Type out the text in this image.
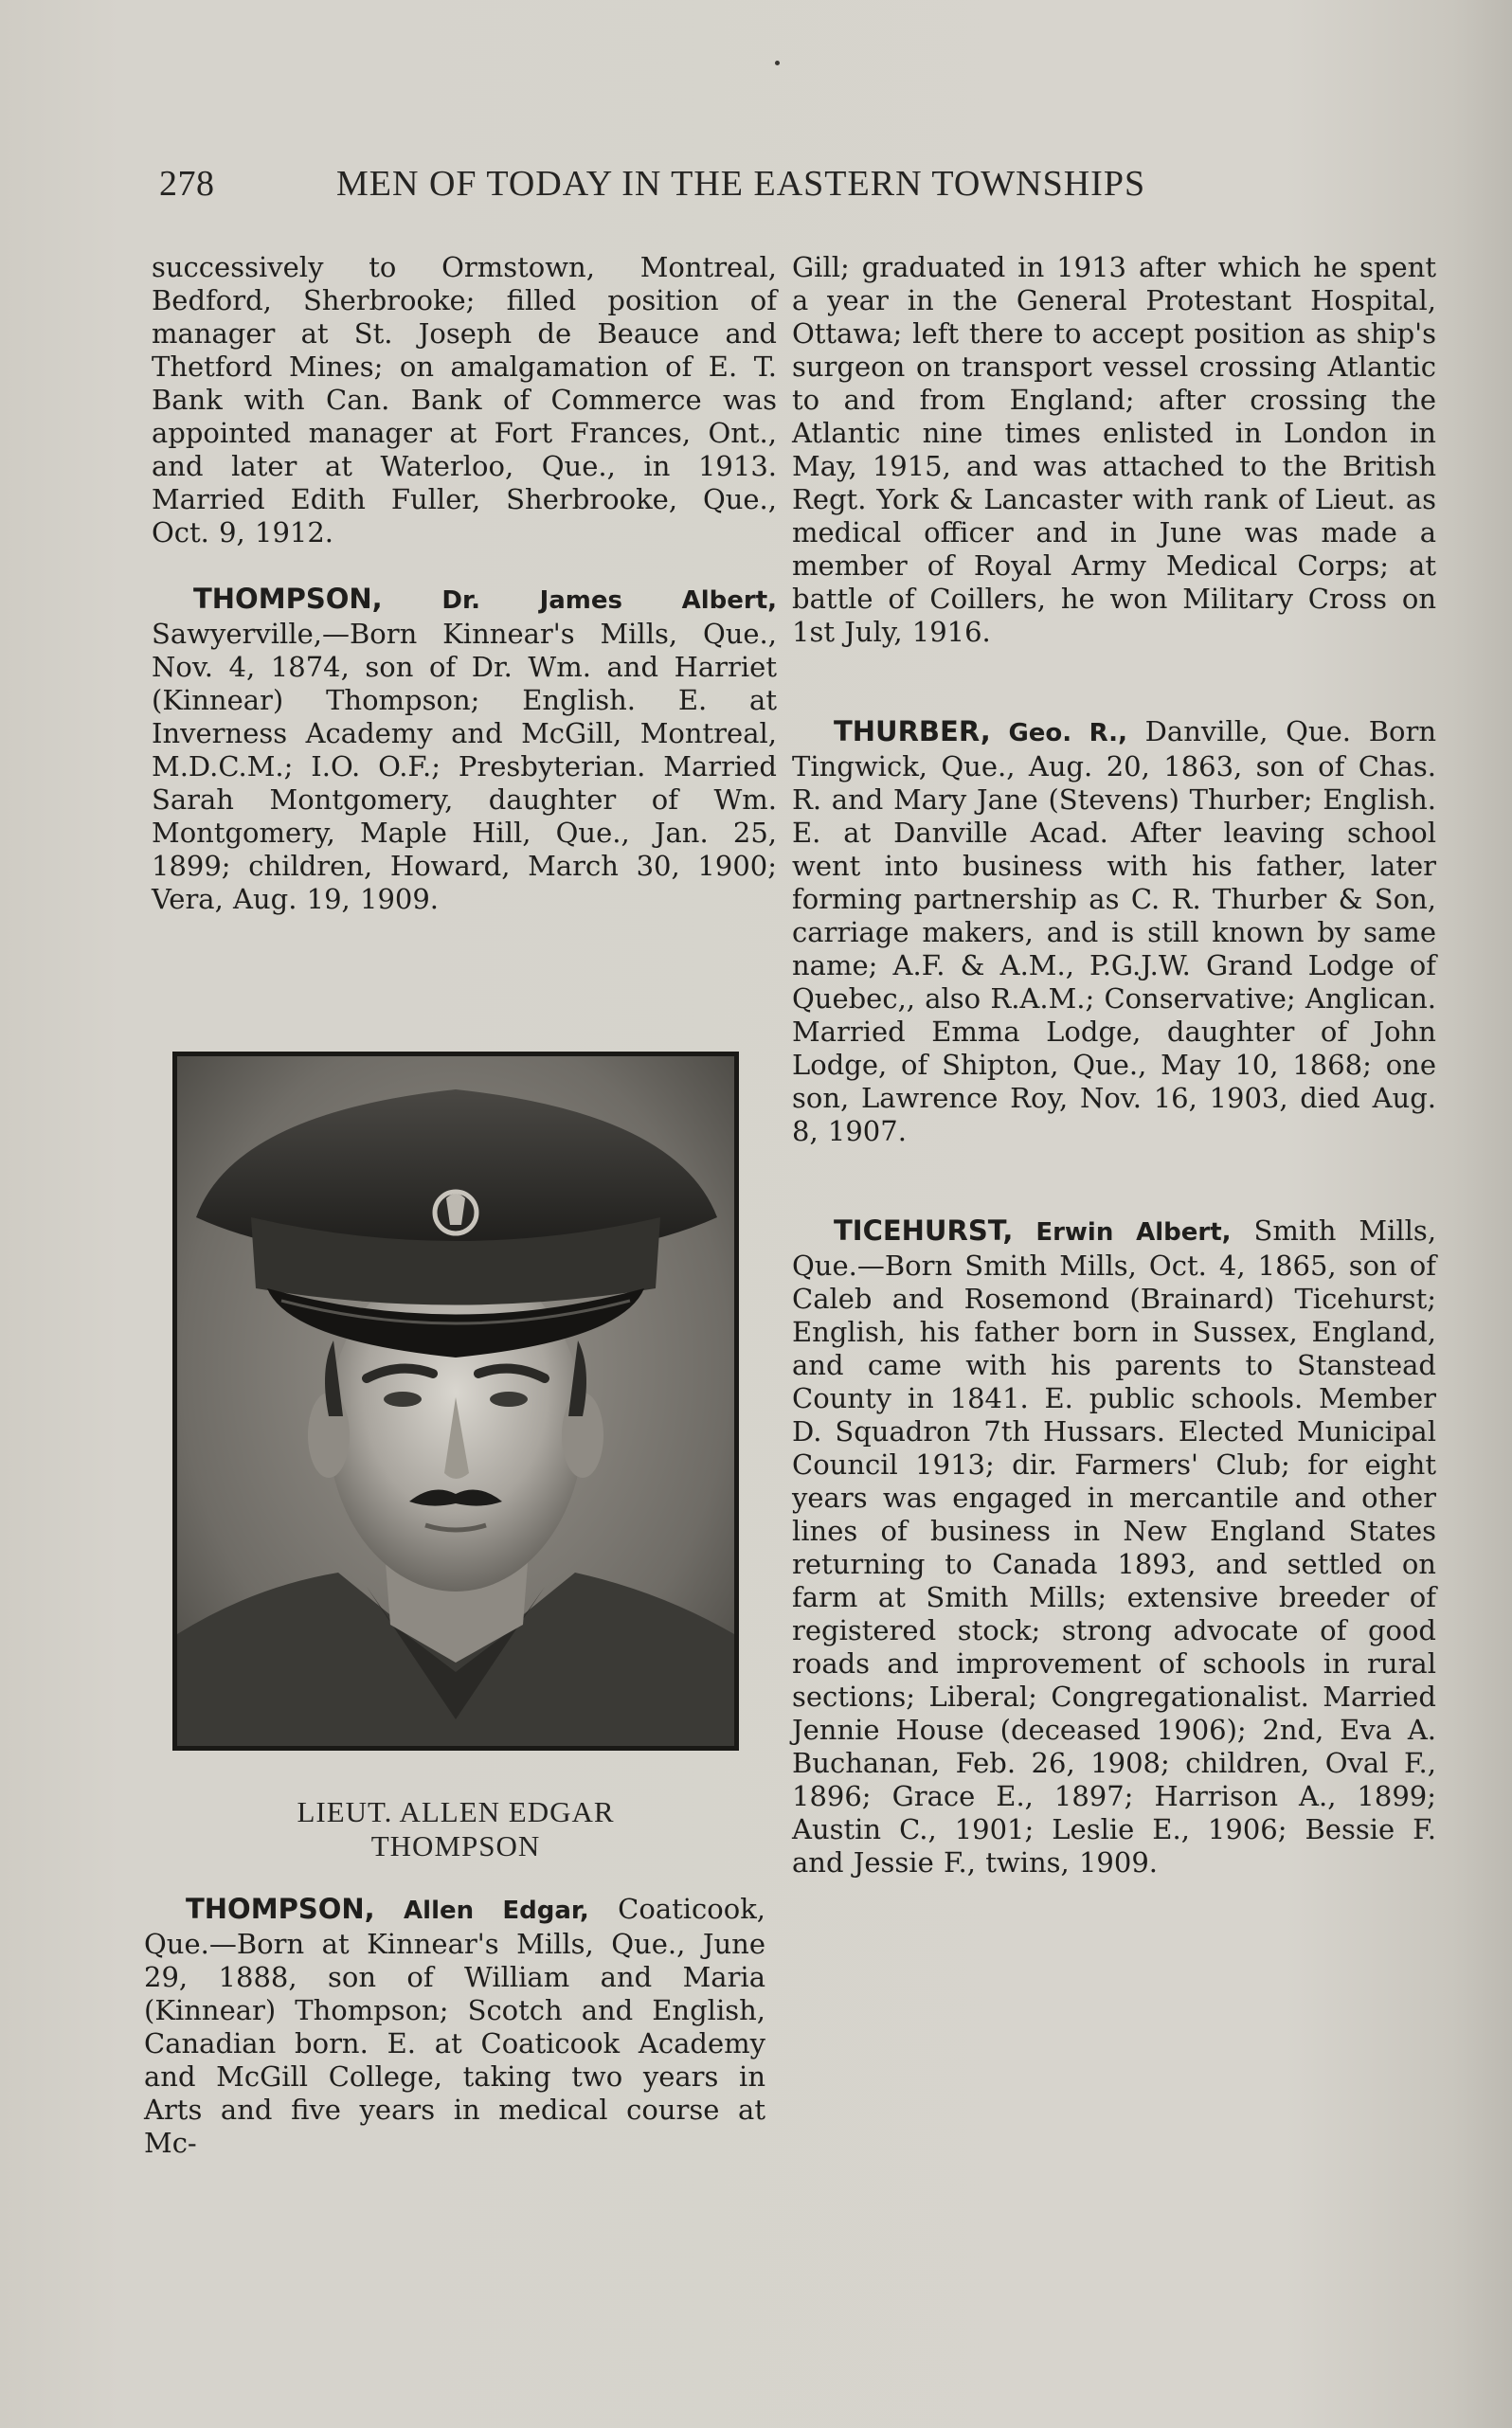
278	MEN OF TODAY IN THE EASTERN TOWNSHIPS

successively to Ormstown, Montreal, Bedford, Sherbrooke; filled position of manager at St. Joseph de Beauce and Thetford Mines; on amalgamation of E. T. Bank with Can. Bank of Commerce was appointed manager at Fort Frances, Ont., and later at Waterloo, Que., in 1913. Married Edith Fuller, Sherbrooke, Que., Oct. 9, 1912.

THOMPSON, Dr. James Albert, Sawyerville,—Born Kinnear's Mills, Que., Nov. 4, 1874, son of Dr. Wm. and Harriet (Kinnear) Thompson; English. E. at Inverness Academy and McGill, Montreal, M.D.C.M.; I.O. O.F.; Presbyterian. Married Sarah Montgomery, daughter of Wm. Montgomery, Maple Hill, Que., Jan. 25, 1899; children, Howard, March 30, 1900; Vera, Aug. 19, 1909.

LIEUT. ALLEN EDGAR
THOMPSON

THOMPSON, Allen Edgar, Coaticook, Que.—Born at Kinnear's Mills, Que., June 29, 1888, son of William and Maria (Kinnear) Thompson; Scotch and English, Canadian born. E. at Coaticook Academy and McGill College, taking two years in Arts and five years in medical course at Mc-

Gill; graduated in 1913 after which he spent a year in the General Protestant Hospital, Ottawa; left there to accept position as ship's surgeon on transport vessel crossing Atlantic to and from England; after crossing the Atlantic nine times enlisted in London in May, 1915, and was attached to the British Regt. York & Lancaster with rank of Lieut. as medical officer and in June was made a member of Royal Army Medical Corps; at battle of Coillers, he won Military Cross on 1st July, 1916.

THURBER, Geo. R., Danville, Que. Born Tingwick, Que., Aug. 20, 1863, son of Chas. R. and Mary Jane (Stevens) Thurber; English. E. at Danville Acad. After leaving school went into business with his father, later forming partnership as C. R. Thurber & Son, carriage makers, and is still known by same name; A.F. & A.M., P.G.J.W. Grand Lodge of Quebec,, also R.A.M.; Conservative; Anglican. Married Emma Lodge, daughter of John Lodge, of Shipton, Que., May 10, 1868; one son, Lawrence Roy, Nov. 16, 1903, died Aug. 8, 1907.

TICEHURST, Erwin Albert, Smith Mills, Que.—Born Smith Mills, Oct. 4, 1865, son of Caleb and Rosemond (Brainard) Ticehurst; English, his father born in Sussex, England, and came with his parents to Stanstead County in 1841. E. public schools. Member D. Squadron 7th Hussars. Elected Municipal Council 1913; dir. Farmers' Club; for eight years was engaged in mercantile and other lines of business in New England States returning to Canada 1893, and settled on farm at Smith Mills; extensive breeder of registered stock; strong advocate of good roads and improvement of schools in rural sections; Liberal; Congregationalist. Married Jennie House (deceased 1906); 2nd, Eva A. Buchanan, Feb. 26, 1908; children, Oval F., 1896; Grace E., 1897; Harrison A., 1899; Austin C., 1901; Leslie E., 1906; Bessie F. and Jessie F., twins, 1909.
